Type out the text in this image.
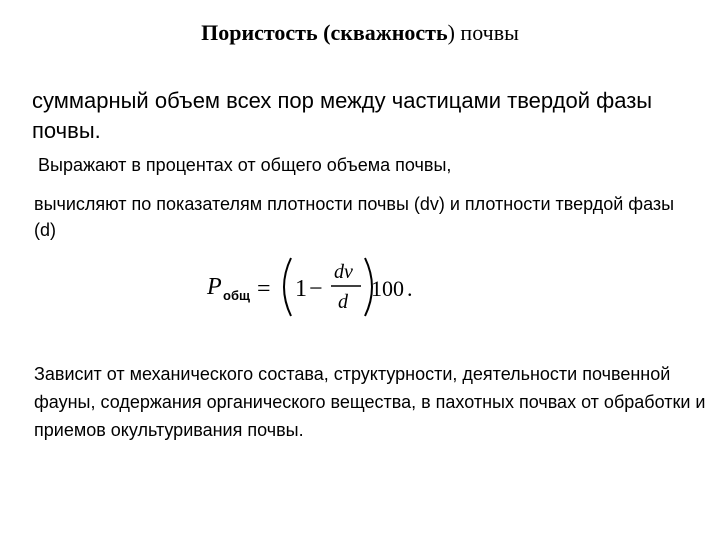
Пористость (скважность) почвы

суммарный объем всех пор между частицами твердой фазы почвы.

Выражают в процентах от общего объема почвы,

вычисляют по показателям плотности почвы (dv) и плотности твердой фазы (d)

P общ = 1 −
dv
d
100 .

Зависит от механического состава, структурности, деятельности почвенной фауны, содержания органического вещества, в пахотных почвах от обработки и приемов окультуривания почвы.
